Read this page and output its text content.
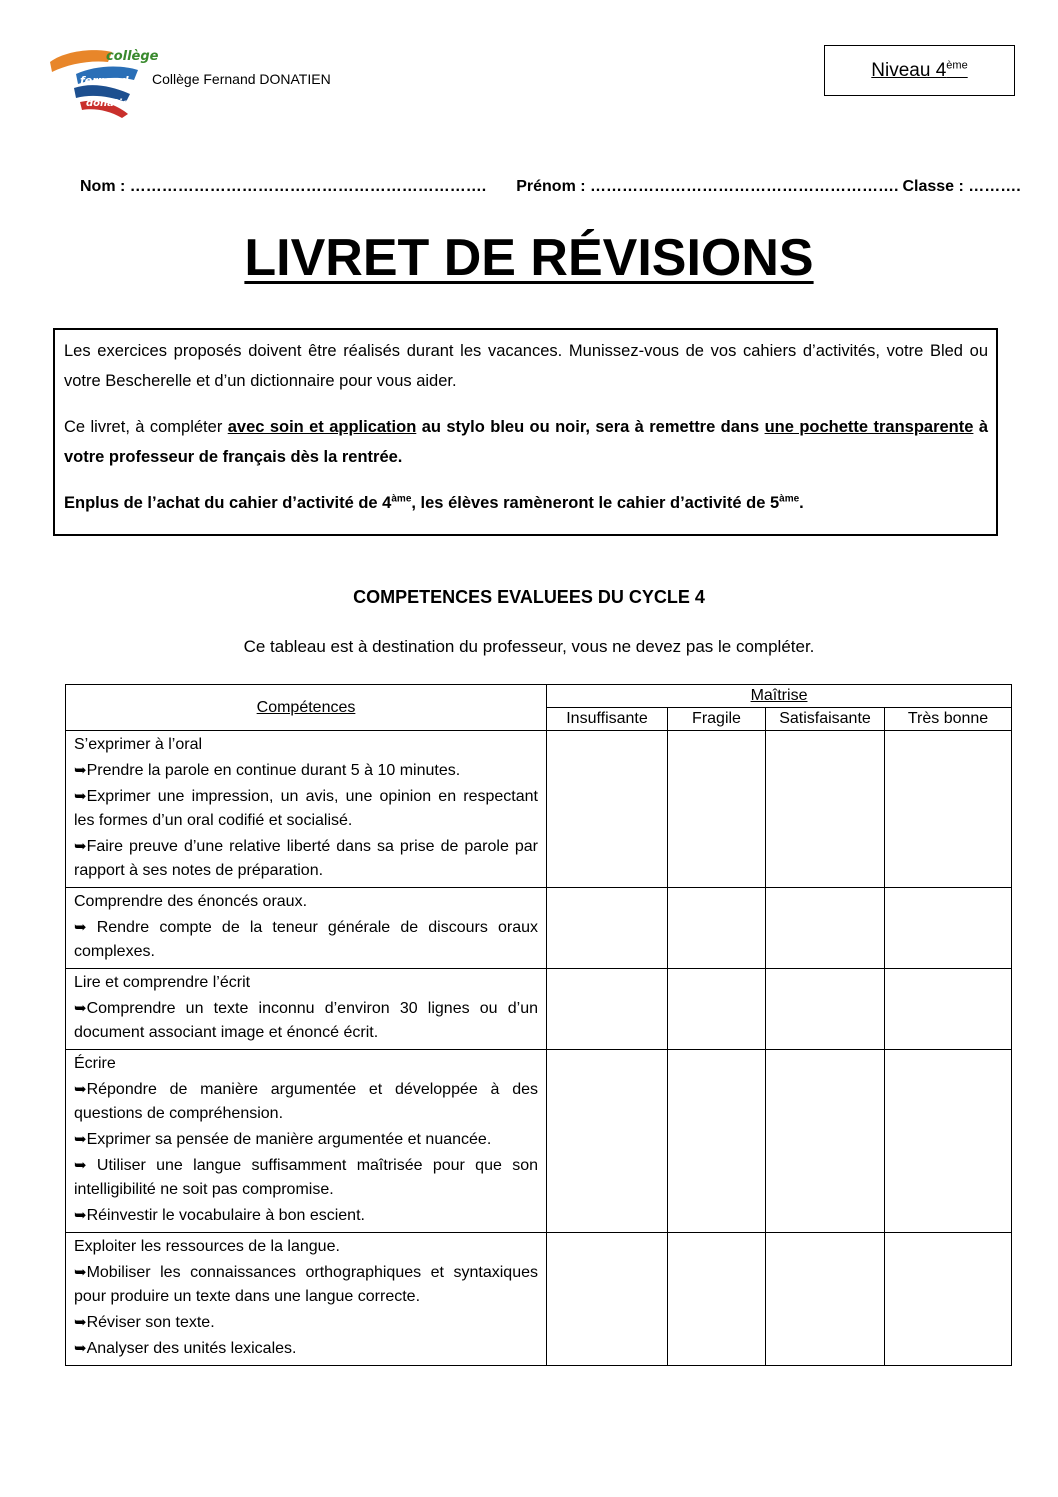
collège
fernand
donatien
Collège Fernand DONATIEN	Niveau 4ème
Nom : …………………………………………………………. Prénom : …………………………………………………. Classe : ……….
LIVRET DE RÉVISIONS

Les exercices proposés doivent être réalisés durant les vacances. Munissez-vous de vos cahiers d’activités, votre Bled ou votre Bescherelle et d’un dictionnaire pour vous aider.

Ce livret, à compléter avec soin et application au stylo bleu ou noir, sera à remettre dans une pochette transparente à votre professeur de français dès la rentrée.

Enplus de l’achat du cahier d’activité de $4^{àme}$, les élèves ramèneront le cahier d’activité de $5^{àme}$.

COMPETENCES EVALUEES DU CYCLE 4
Ce tableau est à destination du professeur, vous ne devez pas le compléter.
Compétences	Maîtrise			
	Insuffisante	Fragile	Satisfaisante	Très bonne

S’exprimer à l’oral
➥Prendre la parole en continue durant 5 à 10 minutes.
➥Exprimer une impression, un avis, une opinion en respectant les formes d’un oral codifié et socialisé.
➥Faire preuve d’une relative liberté dans sa prise de parole par rapport à ses notes de préparation.				

Comprendre des énoncés oraux.
➥ Rendre compte de la teneur générale de discours oraux complexes.				

Lire et comprendre l’écrit
➥Comprendre un texte inconnu d’environ 30 lignes ou d’un document associant image et énoncé écrit.				

Écrire
➥Répondre de manière argumentée et développée à des questions de compréhension.
➥Exprimer sa pensée de manière argumentée et nuancée.
➥ Utiliser une langue suffisamment maîtrisée pour que son intelligibilité ne soit pas compromise.
➥Réinvestir le vocabulaire à bon escient.				

Exploiter les ressources de la langue.
➥Mobiliser les connaissances orthographiques et syntaxiques pour produire un texte dans une langue correcte.
➥Réviser son texte.
➥Analyser des unités lexicales.				
